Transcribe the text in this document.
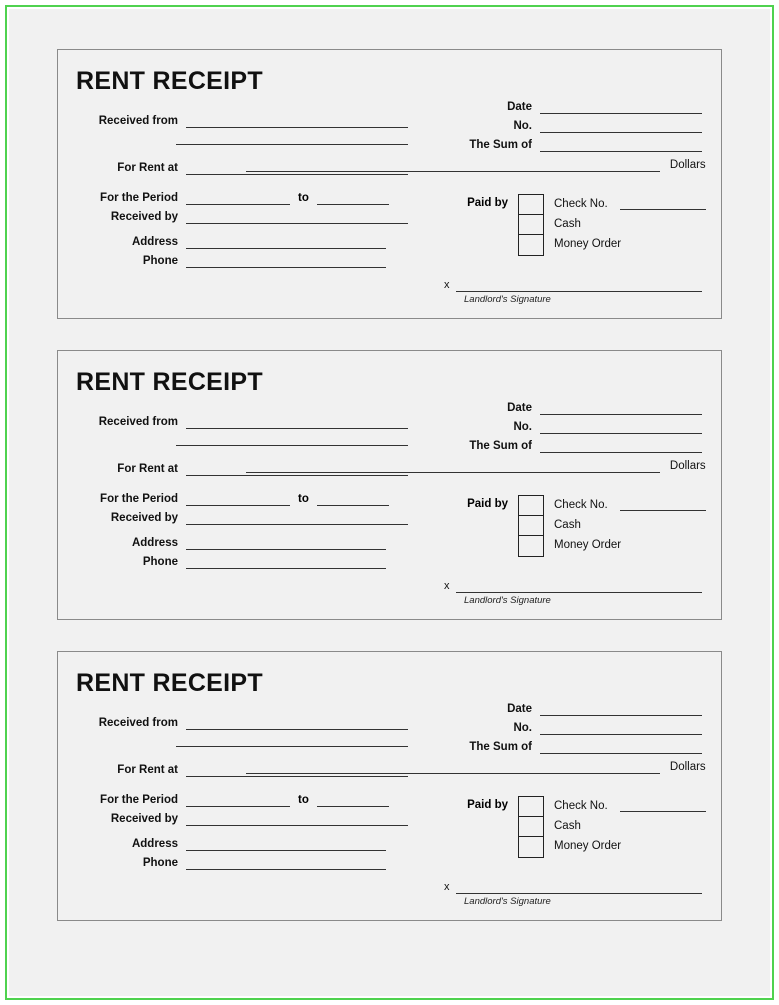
RENT RECEIPT
Received from
For Rent at
For the Period	to
Received by
Address
Phone
Date
No.
The Sum of
Dollars
Paid by	Check No.
Cash
Money Order
x
Landlord's Signature
RENT RECEIPT
Received from
For Rent at
For the Period	to
Received by
Address
Phone
Date
No.
The Sum of
Dollars
Paid by	Check No.
Cash
Money Order
x
Landlord's Signature
RENT RECEIPT
Received from
For Rent at
For the Period	to
Received by
Address
Phone
Date
No.
The Sum of
Dollars
Paid by	Check No.
Cash
Money Order
x
Landlord's Signature
